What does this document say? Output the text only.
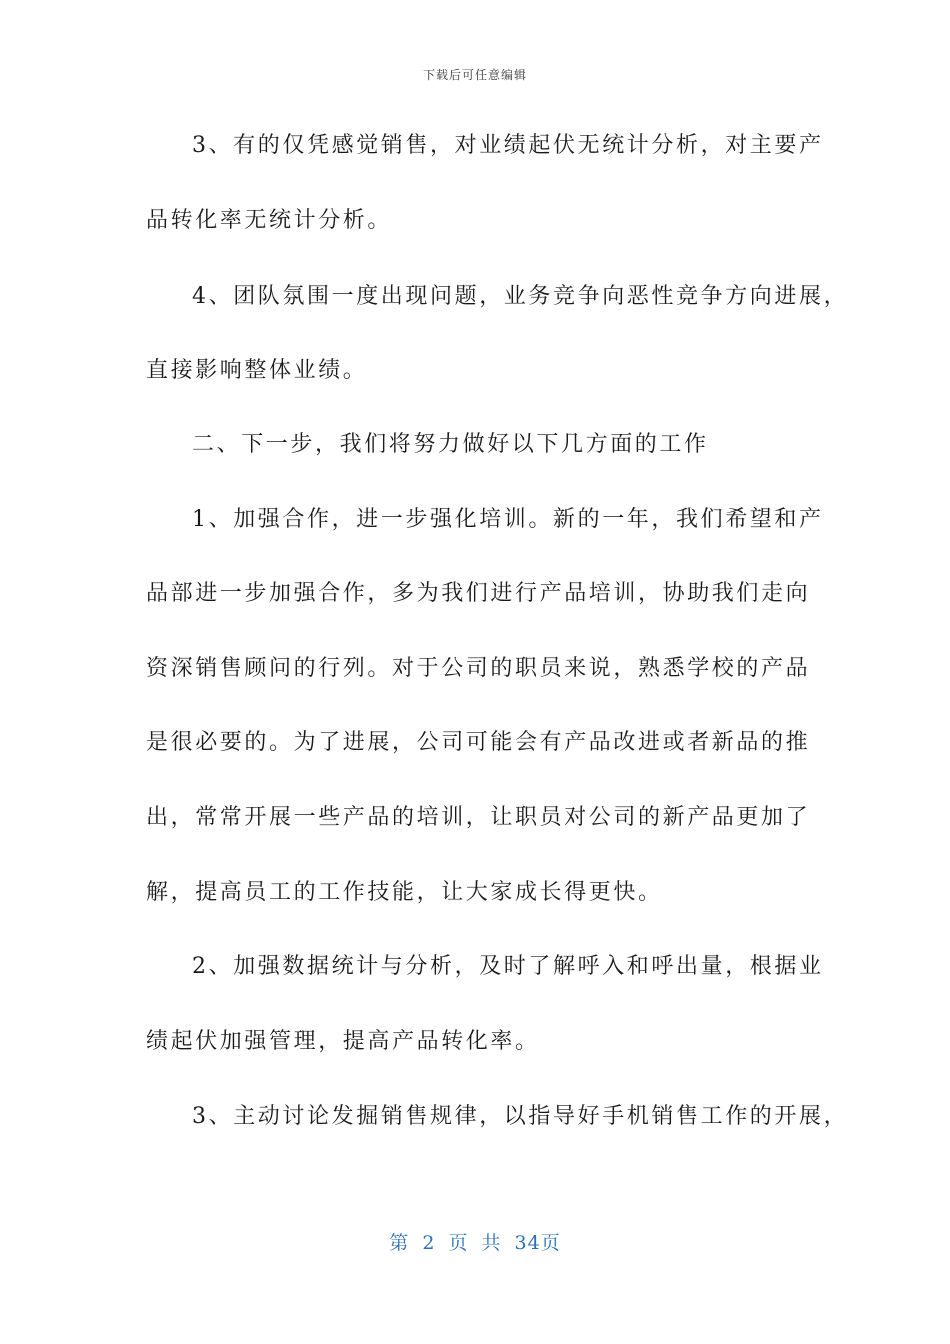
下载后可任意编辑
3、有的仅凭感觉销售，对业绩起伏无统计分析，对主要产
品转化率无统计分析。
4、团队氛围一度出现问题，业务竞争向恶性竞争方向进展，
直接影响整体业绩。
二、下一步，我们将努力做好以下几方面的工作
1、加强合作，进一步强化培训。新的一年，我们希望和产
品部进一步加强合作，多为我们进行产品培训，协助我们走向
资深销售顾问的行列。对于公司的职员来说，熟悉学校的产品
是很必要的。为了进展，公司可能会有产品改进或者新品的推
出，常常开展一些产品的培训，让职员对公司的新产品更加了
解，提高员工的工作技能，让大家成长得更快。
2、加强数据统计与分析，及时了解呼入和呼出量，根据业
绩起伏加强管理，提高产品转化率。
3、主动讨论发掘销售规律，以指导好手机销售工作的开展，
第 2 页 共 34页
